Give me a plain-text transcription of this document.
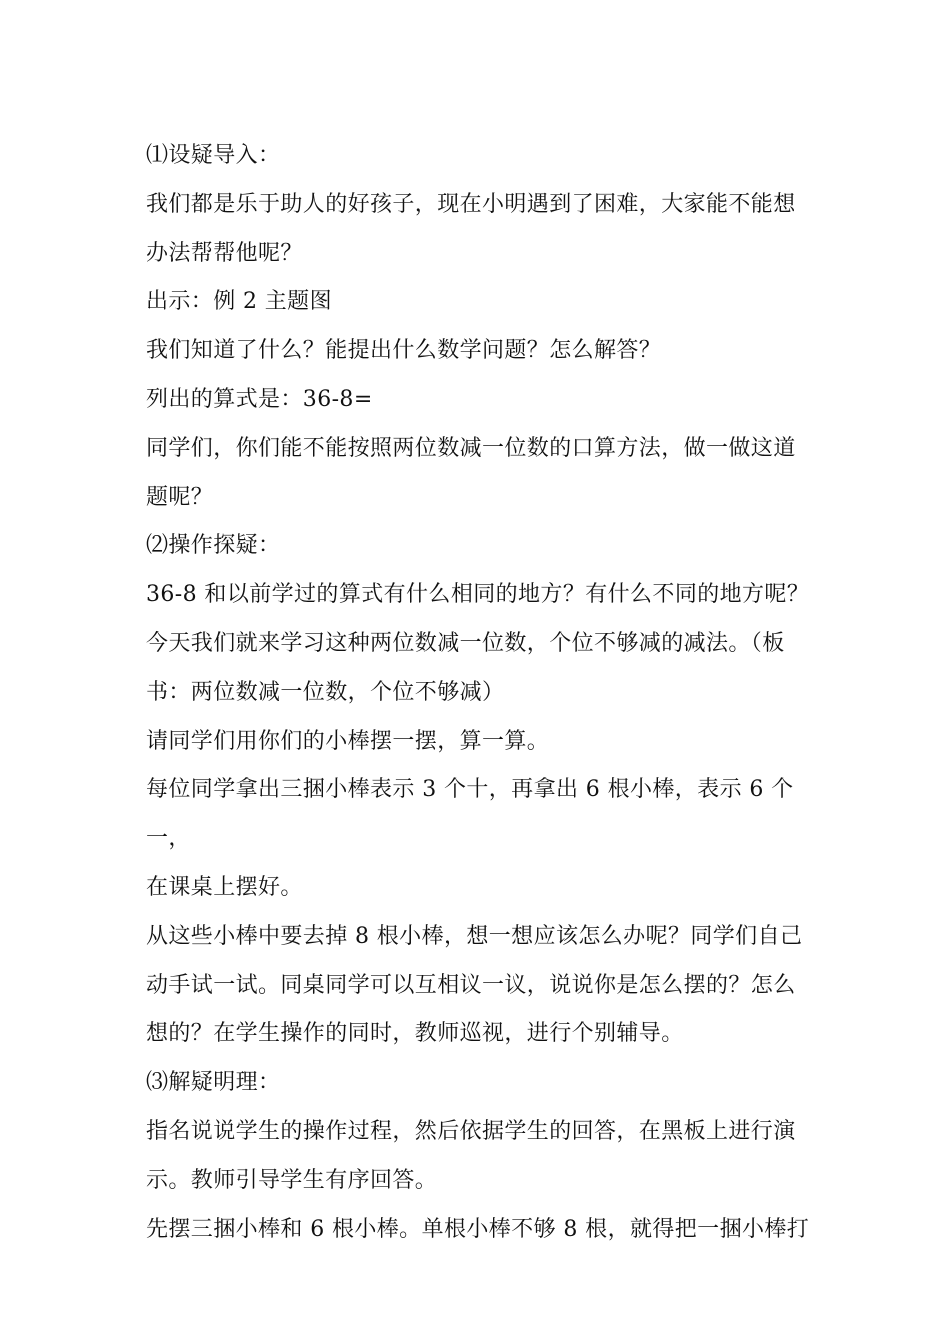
⑴设疑导入：

我们都是乐于助人的好孩子，现在小明遇到了困难，大家能不能想

办法帮帮他呢？

出示：例 2 主题图

我们知道了什么？能提出什么数学问题？怎么解答？

列出的算式是：36-8=

同学们，你们能不能按照两位数减一位数的口算方法，做一做这道

题呢？

⑵操作探疑：

36-8 和以前学过的算式有什么相同的地方？有什么不同的地方呢？

今天我们就来学习这种两位数减一位数，个位不够减的减法。（板

书：两位数减一位数，个位不够减）

请同学们用你们的小棒摆一摆，算一算。

每位同学拿出三捆小棒表示 3 个十，再拿出 6 根小棒，表示 6 个一，

在课桌上摆好。

从这些小棒中要去掉 8 根小棒，想一想应该怎么办呢？同学们自己

动手试一试。同桌同学可以互相议一议，说说你是怎么摆的？怎么

想的？在学生操作的同时，教师巡视，进行个别辅导。

⑶解疑明理：

指名说说学生的操作过程，然后依据学生的回答，在黑板上进行演

示。教师引导学生有序回答。

先摆三捆小棒和 6 根小棒。单根小棒不够 8 根，就得把一捆小棒打
